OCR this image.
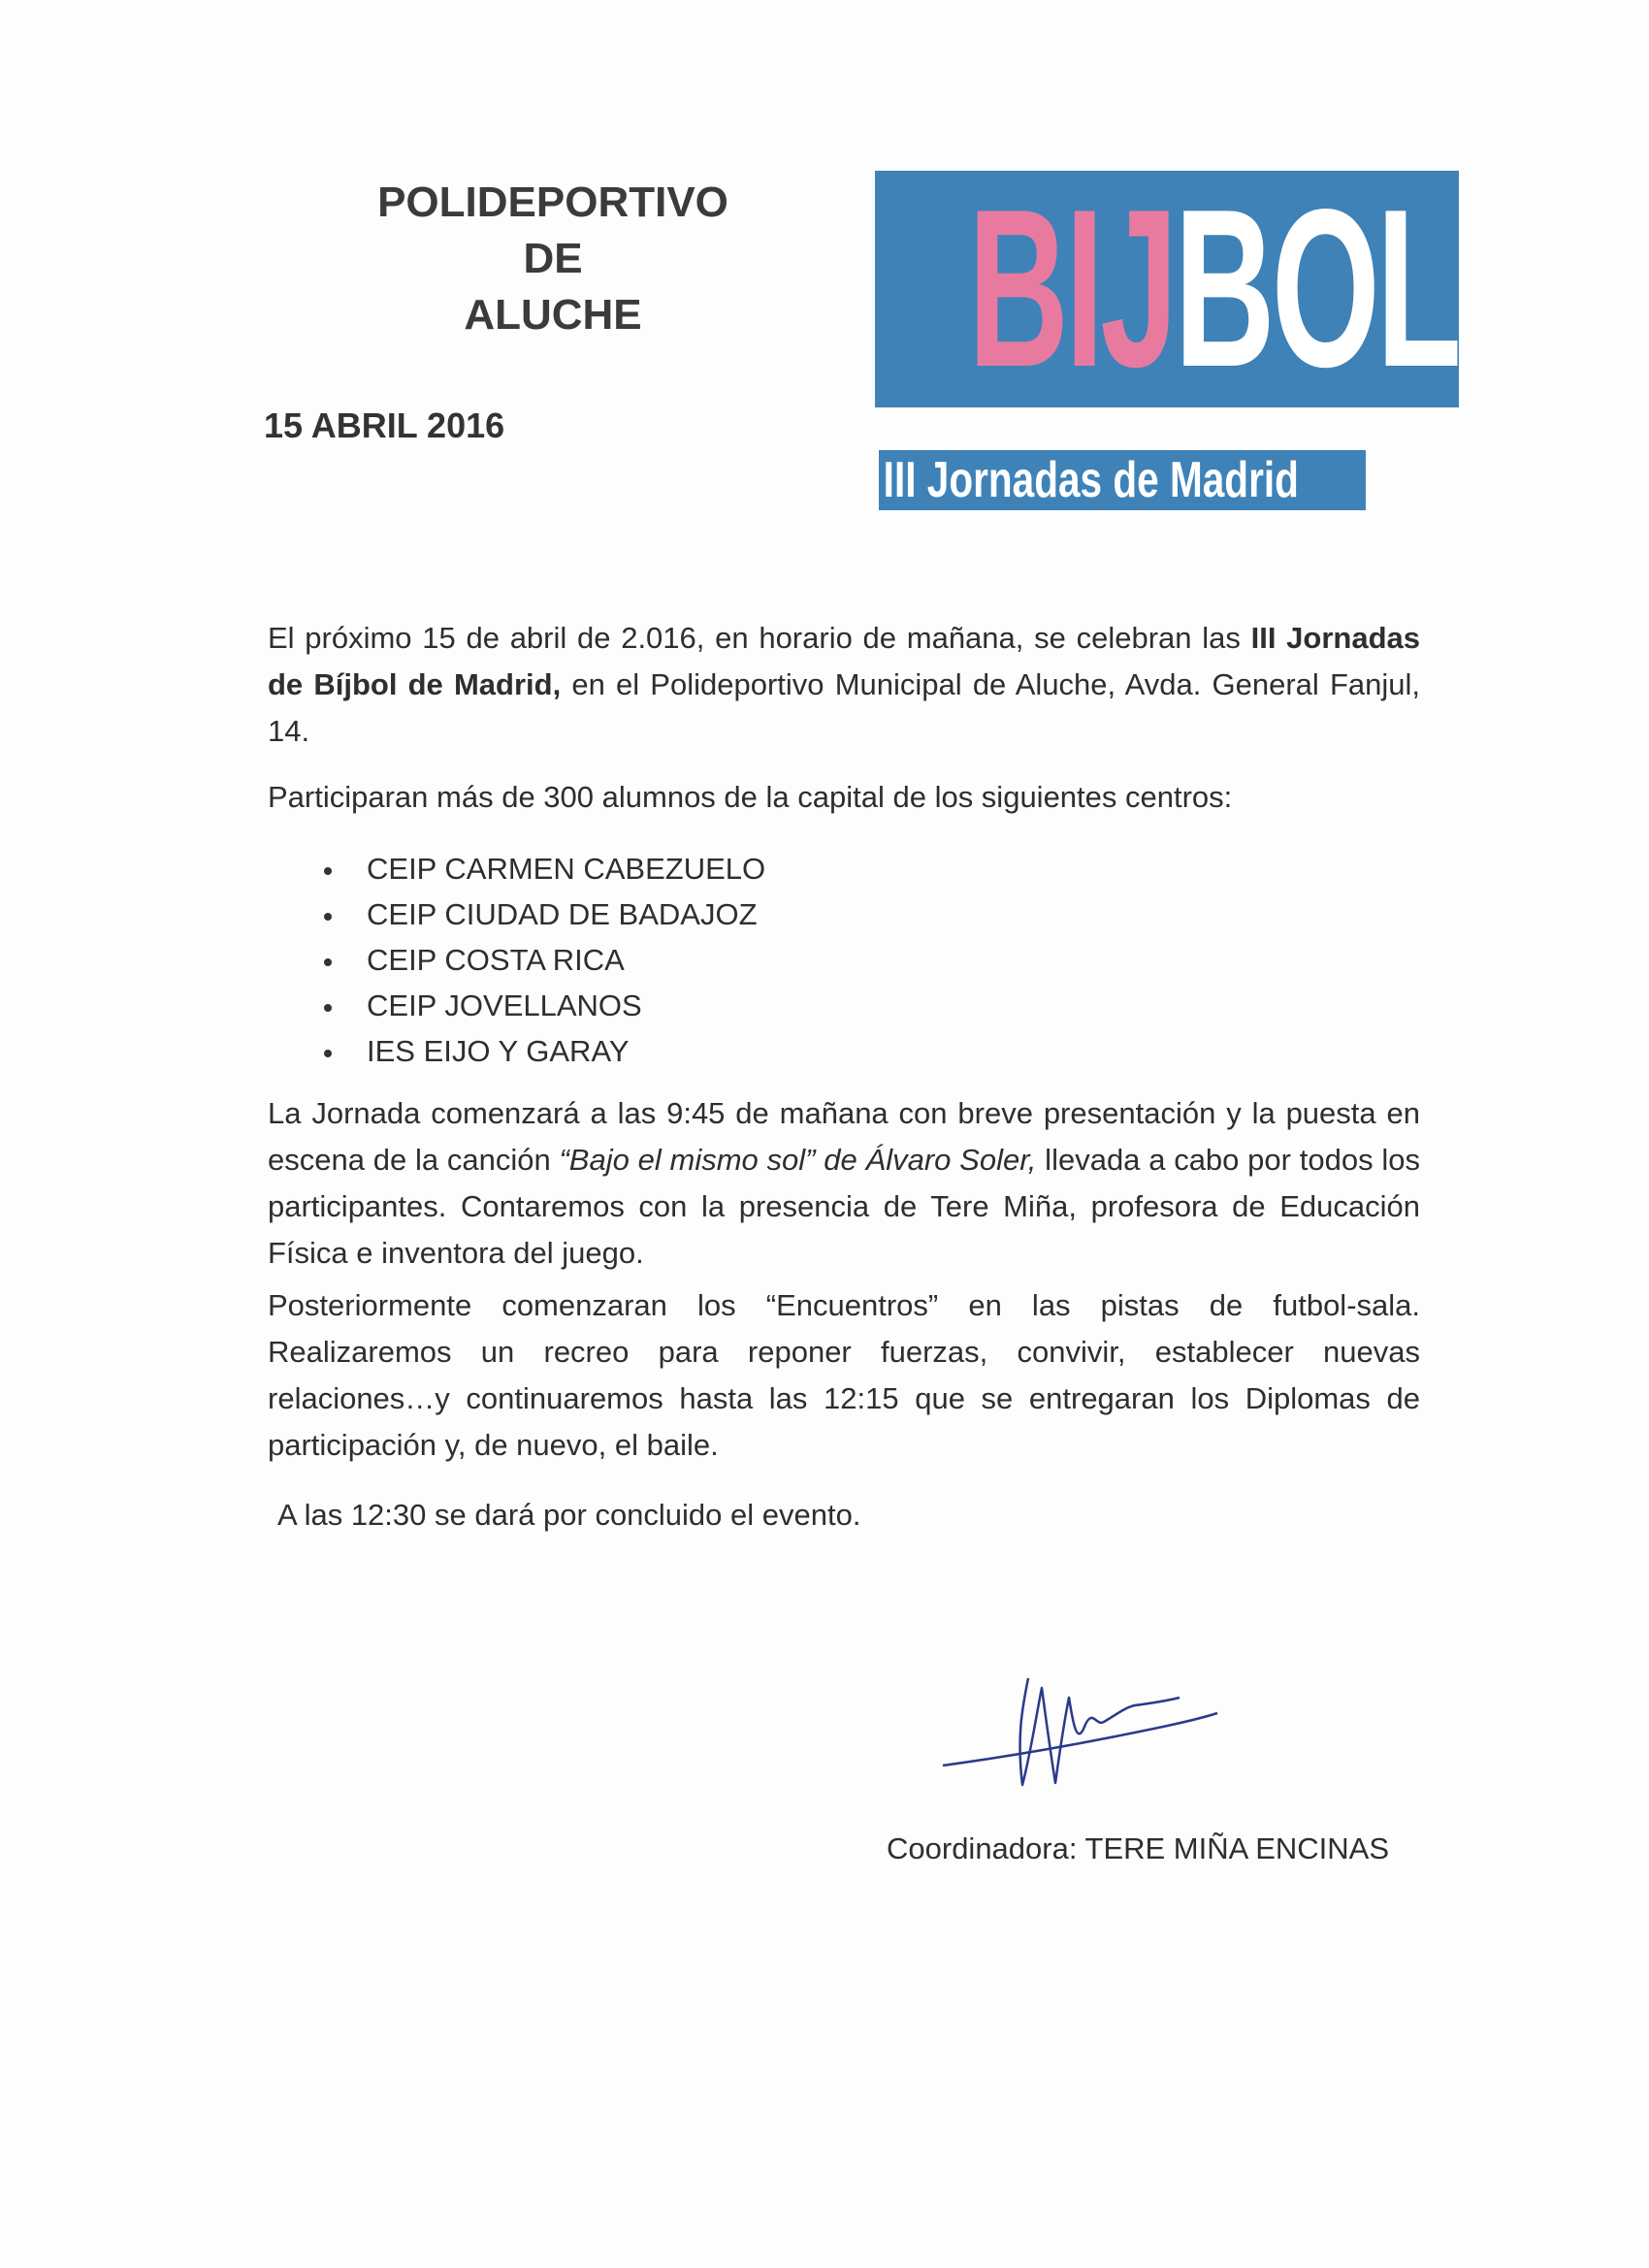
POLIDEPORTIVO
DE
ALUCHE
15 ABRIL 2016
BIJBOL
III Jornadas de Madrid
El próximo 15 de abril de 2.016, en horario de mañana, se celebran las III Jornadas de Bíjbol de Madrid, en el Polideportivo Municipal de Aluche, Avda. General Fanjul, 14.
Participaran más de 300 alumnos de la capital de los siguientes centros:
CEIP CARMEN CABEZUELO
CEIP CIUDAD DE BADAJOZ
CEIP COSTA RICA
CEIP JOVELLANOS
IES EIJO Y GARAY
La Jornada comenzará a las 9:45 de mañana con breve presentación y la puesta en escena de la canción “Bajo el mismo sol” de Álvaro Soler, llevada a cabo por todos los participantes. Contaremos con la presencia de Tere Miña, profesora de Educación Física e inventora del juego.
Posteriormente comenzaran los “Encuentros” en las pistas de futbol-sala. Realizaremos un recreo para reponer fuerzas, convivir, establecer nuevas relaciones…y continuaremos hasta las 12:15 que se entregaran los Diplomas de participación y, de nuevo, el baile.
A las 12:30 se dará por concluido el evento.
Coordinadora: TERE MIÑA ENCINAS
